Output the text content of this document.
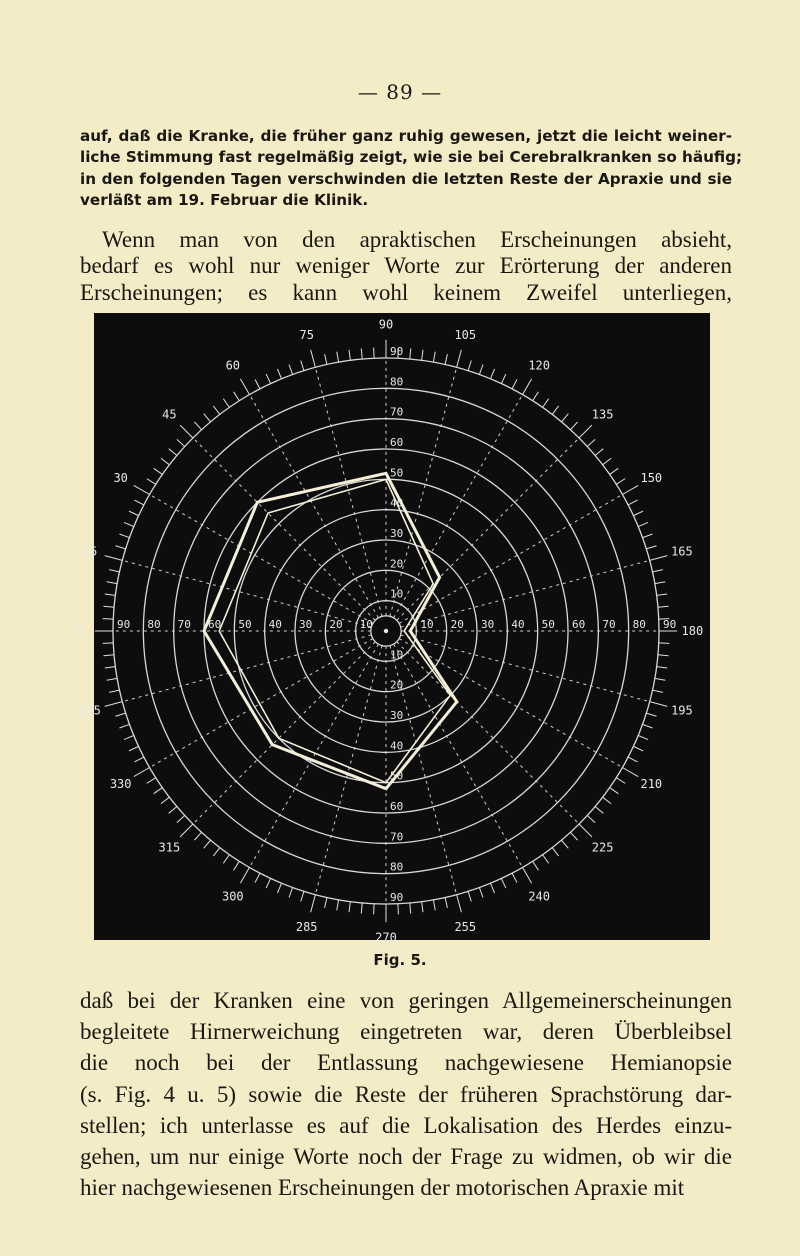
— 89 —

auf, daß die Kranke, die früher ganz ruhig gewesen, jetzt die leicht weiner-
liche Stimmung fast regelmäßig zeigt, wie sie bei Cerebralkranken so häufig;
in den folgenden Tagen verschwinden die letzten Reste der Apraxie und sie
verläßt am 19. Februar die Klinik.

Wenn man von den apraktischen Erscheinungen absieht,
bedarf es wohl nur weniger Worte zur Erörterung der anderen
Erscheinungen; es kann wohl keinem Zweifel unterliegen,

0
15
30
45
60
75
90
105
120
135
150
165
180
195
210
225
240
255
270
285
300
315
330
345
10
10
10
10
20
20
20
20
30
30
30
30
40
40
40
40
50
50
50
50
60
60
60
60
70
70
70
70
80
80
80
80
90
90
90
90
Fig. 5.

daß bei der Kranken eine von geringen Allgemeinerscheinungen
begleitete Hirnerweichung eingetreten war, deren Überbleibsel
die noch bei der Entlassung nachgewiesene Hemianopsie
(s. Fig. 4 u. 5) sowie die Reste der früheren Sprachstörung dar-
stellen; ich unterlasse es auf die Lokalisation des Herdes einzu-
gehen, um nur einige Worte noch der Frage zu widmen, ob wir die
hier nachgewiesenen Erscheinungen der motorischen Apraxie mit
